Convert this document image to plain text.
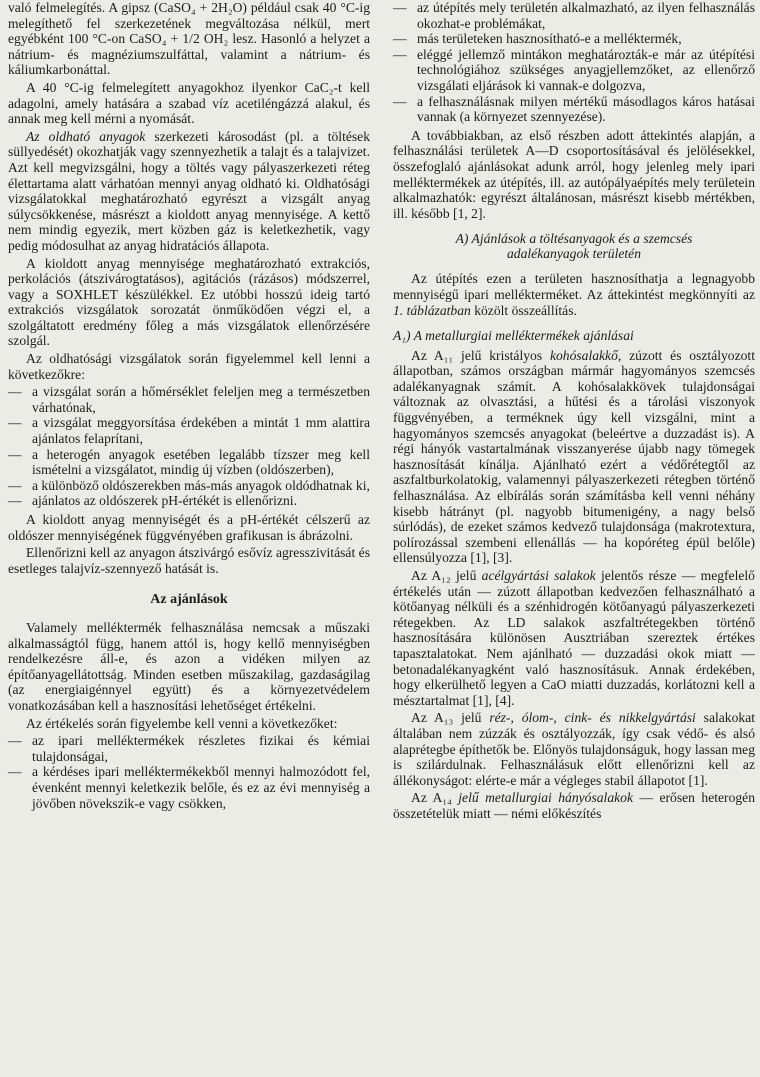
való felmelegítés. A gipsz (CaSO₄ + 2H₂O) például csak 40 °C-ig melegíthető fel szerkezetének megváltozása nélkül, mert egyébként 100 °C-on CaSO₄ + 1/2 OH₂ lesz. Hasonló a helyzet a nátrium- és magnéziumszulfáttal, valamint a nátrium- és káliumkarbonáttal.

A 40 °C-ig felmelegített anyagokhoz ilyenkor CaC₂-t kell adagolni, amely hatására a szabad víz acetiléngázzá alakul, és annak meg kell mérni a nyomását.

Az oldható anyagok szerkezeti károsodást (pl. a töltések süllyedését) okozhatják vagy szennyezhetik a talajt és a talajvizet. Azt kell megvizsgálni, hogy a töltés vagy pályaszerkezeti réteg élettartama alatt várhatóan mennyi anyag oldható ki. Oldhatósági vizsgálatokkal meghatározható egyrészt a vizsgált anyag súlycsökkenése, másrészt a kioldott anyag mennyisége. A kettő nem mindig egyezik, mert közben gáz is keletkezhetik, vagy pedig módosulhat az anyag hidratációs állapota.

A kioldott anyag mennyisége meghatározható extrakciós, perkolációs (átszivárogtatásos), agitációs (rázásos) módszerrel, vagy a SOXHLET készülékkel. Ez utóbbi hosszú ideig tartó extrakciós vizsgálatok sorozatát önműködően végzi el, a szolgáltatott eredmény főleg a más vizsgálatok ellenőrzésére szolgál.

Az oldhatósági vizsgálatok során figyelemmel kell lenni a következőkre:

— a vizsgálat során a hőmérséklet feleljen meg a természetben várhatónak,
— a vizsgálat meggyorsítása érdekében a mintát 1 mm alattira ajánlatos felaprítani,
— a heterogén anyagok esetében legalább tízszer meg kell ismételni a vizsgálatot, mindig új vízben (oldószerben),
— a különböző oldószerekben más-más anyagok oldódhatnak ki,
— ajánlatos az oldószerek pH-értékét is ellenőrizni.

A kioldott anyag mennyiségét és a pH-értékét célszerű az oldószer mennyiségének függvényében grafikusan is ábrázolni.

Ellenőrizni kell az anyagon átszivárgó esővíz agresszivitását és esetleges talajvíz-szennyező hatását is.

Az ajánlások

Valamely melléktermék felhasználása nemcsak a műszaki alkalmasságtól függ, hanem attól is, hogy kellő mennyiségben rendelkezésre áll-e, és azon a vidéken milyen az építőanyagellátottság. Minden esetben műszakilag, gazdaságilag (az energiaigénnyel együtt) és a környezetvédelem vonatkozásában kell a hasznosítási lehetőséget értékelni.

Az értékelés során figyelembe kell venni a következőket:

— az ipari melléktermékek részletes fizikai és kémiai tulajdonságai,
— a kérdéses ipari melléktermékekből mennyi halmozódott fel, évenként mennyi keletkezik belőle, és ez az évi mennyiség a jövőben növekszik-e vagy csökken,
— az útépítés mely területén alkalmazható, az ilyen felhasználás okozhat-e problémákat,
— más területeken hasznosítható-e a melléktermék,
— eléggé jellemző mintákon meghatározták-e már az útépítési technológiához szükséges anyagjellemzőket, az ellenőrző vizsgálati eljárások ki vannak-e dolgozva,
— a felhasználásnak milyen mértékű másodlagos káros hatásai vannak (a környezet szennyezése).

A továbbiakban, az első részben adott áttekintés alapján, a felhasználási területek A—D csoportosításával és jelölésekkel, összefoglaló ajánlásokat adunk arról, hogy jelenleg mely ipari melléktermékek az útépítés, ill. az autópályaépítés mely területein alkalmazhatók: egyrészt általánosan, másrészt kisebb mértékben, ill. később [1, 2].

A) Ajánlások a töltésanyagok és a szemcsés
adalékanyagok területén

Az útépítés ezen a területen hasznosíthatja a legnagyobb mennyiségű ipari mellékterméket. Az áttekintést megkönnyíti az 1. táblázatban közölt összeállítás.

A₁) A metallurgiai melléktermékek ajánlásai

Az A₁₁ jelű kristályos kohósalakkő, zúzott és osztályozott állapotban, számos országban mármár hagyományos szemcsés adalékanyagnak számít. A kohósalakkövek tulajdonságai változnak az olvasztási, a hűtési és a tárolási viszonyok függvényében, a terméknek úgy kell vizsgálni, mint a hagyományos szemcsés anyagokat (beleértve a duzzadást is). A régi hányók vastartalmának visszanyerése újabb nagy tömegek hasznosítását kínálja. Ajánlható ezért a védőrétegtől az aszfaltburkolatokig, valamennyi pályaszerkezeti rétegben történő felhasználása. Az elbírálás során számításba kell venni néhány kisebb hátrányt (pl. nagyobb bitumenigény, a nagy belső súrlódás), de ezeket számos kedvező tulajdonsága (makrotextura, polírozással szembeni ellenállás — ha kopóréteg épül belőle) ellensúlyozza [1], [3].

Az A₁₂ jelű acélgyártási salakok jelentős része — megfelelő értékelés után — zúzott állapotban kedvezően felhasználható a kötőanyag nélküli és a szénhidrogén kötőanyagú pályaszerkezeti rétegekben. Az LD salakok aszfaltrétegekben történő hasznosítására különösen Ausztriában szereztek értékes tapasztalatokat. Nem ajánlható — duzzadási okok miatt — betonadalékanyagként való hasznosításuk. Annak érdekében, hogy elkerülhető legyen a CaO miatti duzzadás, korlátozni kell a mésztartalmat [1], [4].

Az A₁₃ jelű réz-, ólom-, cink- és nikkelgyártási salakokat általában nem zúzzák és osztályozzák, így csak védő- és alsó alaprétegbe építhetők be. Előnyös tulajdonságuk, hogy lassan meg is szilárdulnak. Felhasználásuk előtt ellenőrizni kell az állékonyságot: elérte-e már a végleges stabil állapotot [1].

Az A₁₄ jelű metallurgiai hányósalakok — erősen heterogén összetételük miatt — némi előkészítés
